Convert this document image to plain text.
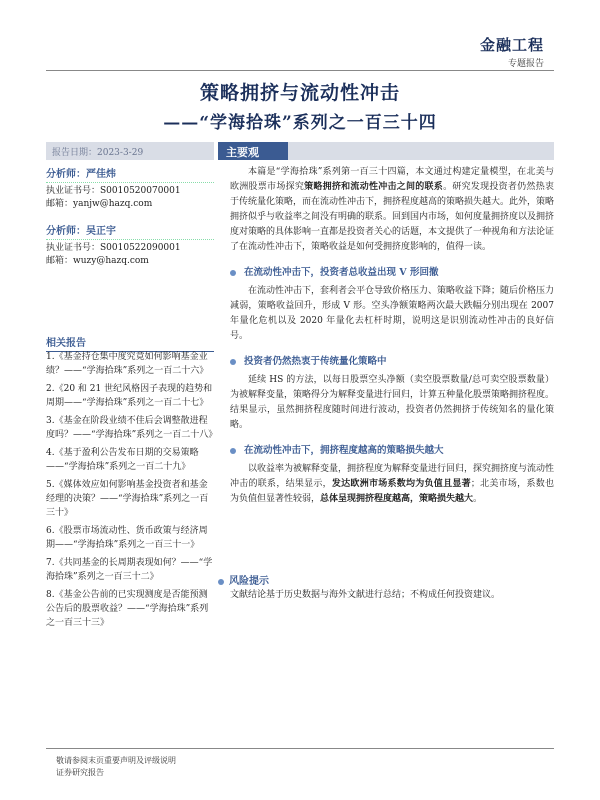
金融工程
专题报告
策略拥挤与流动性冲击
——“学海拾珠”系列之一百三十四
报告日期：2023-3-29	主要观点：
分析师：严佳炜
执业证书号：S0010520070001
邮箱：yanjw@hazq.com
分析师：吴正宇
执业证书号：S0010522090001
邮箱：wuzy@hazq.com
相关报告
1.《基金持仓集中度究竟如何影响基金业绩？——“学海拾珠”系列之一百二十六》
2.《20 和 21 世纪风格因子表现的趋势和周期——“学海拾珠”系列之一百二十七》
3.《基金在阶段业绩不佳后会调整散进程度吗？——“学海拾珠”系列之一百二十八》
4.《基于盈利公告发布日期的交易策略——“学海拾珠”系列之一百二十九》
5.《媒体效应如何影响基金投资者和基金经理的决策？——“学海拾珠”系列之一百三十》
6.《股票市场流动性、货币政策与经济周期——“学海拾珠”系列之一百三十一》
7.《共同基金的长周期表现如何？——“学海拾珠”系列之一百三十二》
8.《基金公告前的已实现测度是否能预测公告后的股票收益？——“学海拾珠”系列之一百三十三》

本篇是“学海拾珠”系列第一百三十四篇，本文通过构建定量模型，在北美与欧洲股票市场探究策略拥挤和流动性冲击之间的联系。研究发现投资者仍然热衷于传统量化策略，而在流动性冲击下，拥挤程度越高的策略损失越大。此外，策略拥挤似乎与收益率之间没有明确的联系。回到国内市场，如何度量拥挤度以及拥挤度对策略的具体影响一直都是投资者关心的话题，本文提供了一种视角和方法论证了在流动性冲击下，策略收益是如何受拥挤度影响的，值得一读。

在流动性冲击下，投资者总收益出现 V 形回撤

在流动性冲击下，套利者会平仓导致价格压力、策略收益下降；随后价格压力减弱，策略收益回升，形成 V 形。空头净额策略两次最大跌幅分别出现在 2007 年量化危机以及 2020 年量化去杠杆时期，说明这是识别流动性冲击的良好信号。

投资者仍然热衷于传统量化策略中

延续 HS 的方法，以每日股票空头净额（卖空股票数量/总可卖空股票数量）为被解释变量，策略得分为解释变量进行回归，计算五种量化股票策略拥挤程度。结果显示，虽然拥挤程度随时间进行波动，投资者仍然拥挤于传统知名的量化策略。

在流动性冲击下，拥挤程度越高的策略损失越大

以收益率为被解释变量，拥挤程度为解释变量进行回归，探究拥挤度与流动性冲击的联系，结果显示，发达欧洲市场系数均为负值且显著；北美市场，系数也为负值但显著性较弱，总体呈现拥挤程度越高，策略损失越大。

风险提示
文献结论基于历史数据与海外文献进行总结；不构成任何投资建议。
敬请参阅末页重要声明及评级说明
证券研究报告
